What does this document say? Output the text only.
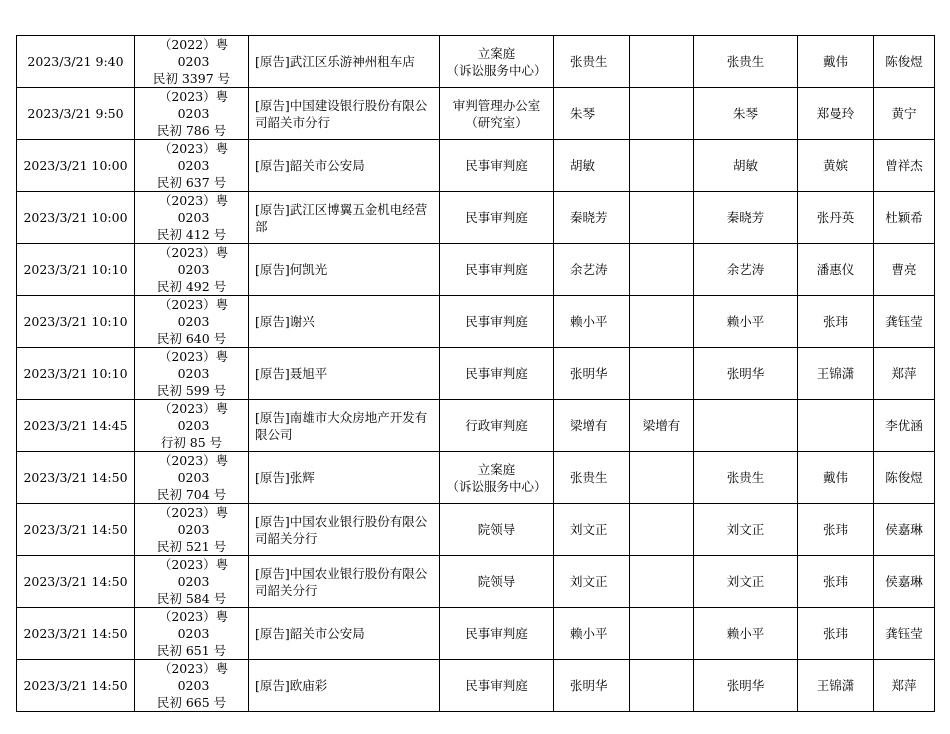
2023/3/21 9:40	（2022）粤 0203
民初 3397 号	[原告]武江区乐游神州租车店	立案庭
（诉讼服务中心）	张贵生		张贵生	戴伟	陈俊煜
2023/3/21 9:50	（2023）粤 0203
民初 786 号	[原告]中国建设银行股份有限公司韶关市分行	审判管理办公室
（研究室）	朱琴		朱琴	郑曼玲	黄宁
2023/3/21 10:00	（2023）粤 0203
民初 637 号	[原告]韶关市公安局	民事审判庭	胡敏		胡敏	黄嫔	曾祥杰
2023/3/21 10:00	（2023）粤 0203
民初 412 号	[原告]武江区博翼五金机电经营部	民事审判庭	秦晓芳		秦晓芳	张丹英	杜颖希
2023/3/21 10:10	（2023）粤 0203
民初 492 号	[原告]何凯光	民事审判庭	余艺涛		余艺涛	潘惠仪	曹亮
2023/3/21 10:10	（2023）粤 0203
民初 640 号	[原告]谢兴	民事审判庭	赖小平		赖小平	张玮	龚钰莹
2023/3/21 10:10	（2023）粤 0203
民初 599 号	[原告]聂旭平	民事审判庭	张明华		张明华	王锦潇	郑萍
2023/3/21 14:45	（2023）粤 0203
行初 85 号	[原告]南雄市大众房地产开发有限公司	行政审判庭	梁增有	梁增有			李优涵
2023/3/21 14:50	（2023）粤 0203
民初 704 号	[原告]张辉	立案庭
（诉讼服务中心）	张贵生		张贵生	戴伟	陈俊煜
2023/3/21 14:50	（2023）粤 0203
民初 521 号	[原告]中国农业银行股份有限公司韶关分行	院领导	刘文正		刘文正	张玮	侯嘉琳
2023/3/21 14:50	（2023）粤 0203
民初 584 号	[原告]中国农业银行股份有限公司韶关分行	院领导	刘文正		刘文正	张玮	侯嘉琳
2023/3/21 14:50	（2023）粤 0203
民初 651 号	[原告]韶关市公安局	民事审判庭	赖小平		赖小平	张玮	龚钰莹
2023/3/21 14:50	（2023）粤 0203
民初 665 号	[原告]欧庙彩	民事审判庭	张明华		张明华	王锦潇	郑萍
